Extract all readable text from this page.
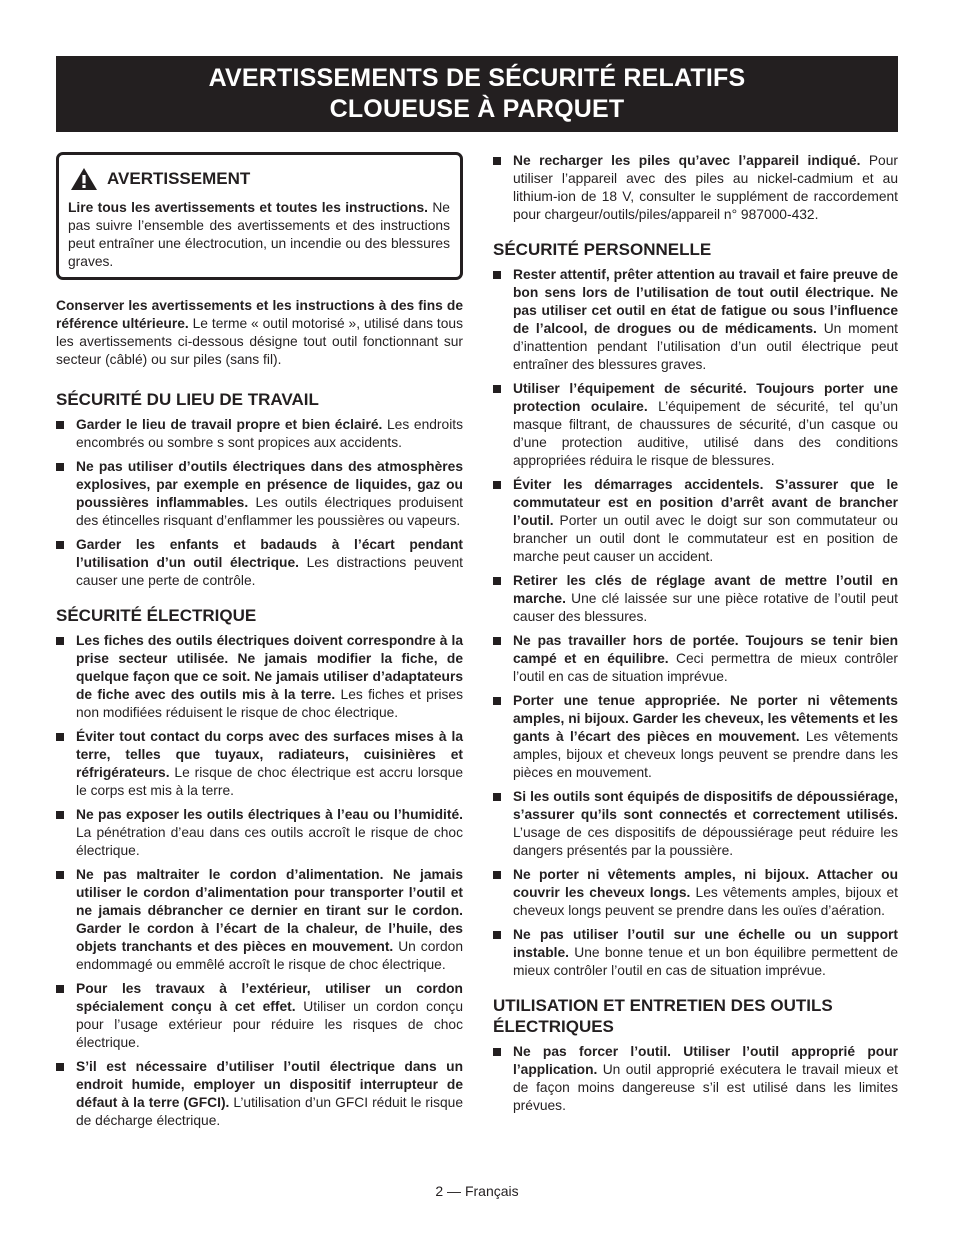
AVERTISSEMENTS DE SÉCURITÉ RELATIFS
CLOUEUSE À PARQUET
AVERTISSEMENT

Lire tous les avertissements et toutes les instructions. Ne pas suivre l’ensemble des avertissements et des instructions peut entraîner une électrocution, un incendie ou des blessures graves.

Conserver les avertissements et les instructions à des fins de référence ultérieure. Le terme « outil motorisé », utilisé dans tous les avertissements ci-dessous désigne tout outil fonctionnant sur secteur (câblé) ou sur piles (sans fil).

SÉCURITÉ DU LIEU DE TRAVAIL
Garder le lieu de travail propre et bien éclairé. Les endroits encombrés ou sombre s sont propices aux accidents.
Ne pas utiliser d’outils électriques dans des atmosphères explosives, par exemple en présence de liquides, gaz ou poussières inflammables. Les outils électriques produisent des étincelles risquant d’enflammer les poussières ou vapeurs.
Garder les enfants et badauds à l’écart pendant l’utilisation d’un outil électrique. Les distractions peuvent causer une perte de contrôle.
SÉCURITÉ ÉLECTRIQUE
Les fiches des outils électriques doivent correspondre à la prise secteur utilisée. Ne jamais modifier la fiche, de quelque façon que ce soit. Ne jamais utiliser d’adaptateurs de fiche avec des outils mis à la terre. Les fiches et prises non modifiées réduisent le risque de choc électrique.
Éviter tout contact du corps avec des surfaces mises à la terre, telles que tuyaux, radiateurs, cuisinières et réfrigérateurs. Le risque de choc électrique est accru lorsque le corps est mis à la terre.
Ne pas exposer les outils électriques à l’eau ou l’humidité. La pénétration d’eau dans ces outils accroît le risque de choc électrique.
Ne pas maltraiter le cordon d’alimentation. Ne jamais utiliser le cordon d’alimentation pour transporter l’outil et ne jamais débrancher ce dernier en tirant sur le cordon. Garder le cordon à l’écart de la chaleur, de l’huile, des objets tranchants et des pièces en mouvement. Un cordon endommagé ou emmêlé accroît le risque de choc électrique.
Pour les travaux à l’extérieur, utiliser un cordon spécialement conçu à cet effet. Utiliser un cordon conçu pour l’usage extérieur pour réduire les risques de choc électrique.
S’il est nécessaire d’utiliser l’outil électrique dans un endroit humide, employer un dispositif interrupteur de défaut à la terre (GFCI). L’utilisation d’un GFCI réduit le risque de décharge électrique.
Ne recharger les piles qu’avec l’appareil indiqué. Pour utiliser l’appareil avec des piles au nickel-cadmium et au lithium-ion de 18 V, consulter le supplément de raccordement pour chargeur/outils/piles/appareil n° 987000-432.
SÉCURITÉ PERSONNELLE
Rester attentif, prêter attention au travail et faire preuve de bon sens lors de l’utilisation de tout outil électrique. Ne pas utiliser cet outil en état de fatigue ou sous l’influence de l’alcool, de drogues ou de médicaments. Un moment d’inattention pendant l’utilisation d’un outil électrique peut entraîner des blessures graves.
Utiliser l’équipement de sécurité. Toujours porter une protection oculaire. L’équipement de sécurité, tel qu’un masque filtrant, de chaussures de sécurité, d’un casque ou d’une protection auditive, utilisé dans des conditions appropriées réduira le risque de blessures.
Éviter les démarrages accidentels. S’assurer que le commutateur est en position d’arrêt avant de brancher l’outil. Porter un outil avec le doigt sur son commutateur ou brancher un outil dont le commutateur est en position de marche peut causer un accident.
Retirer les clés de réglage avant de mettre l’outil en marche. Une clé laissée sur une pièce rotative de l’outil peut causer des blessures.
Ne pas travailler hors de portée. Toujours se tenir bien campé et en équilibre. Ceci permettra de mieux contrôler l’outil en cas de situation imprévue.
Porter une tenue appropriée. Ne porter ni vêtements amples, ni bijoux. Garder les cheveux, les vêtements et les gants à l’écart des pièces en mouvement. Les vêtements amples, bijoux et cheveux longs peuvent se prendre dans les pièces en mouvement.
Si les outils sont équipés de dispositifs de dépoussiérage, s’assurer qu’ils sont connectés et correctement utilisés. L’usage de ces dispositifs de dépoussiérage peut réduire les dangers présentés par la poussière.
Ne porter ni vêtements amples, ni bijoux. Attacher ou couvrir les cheveux longs. Les vêtements amples, bijoux et cheveux longs peuvent se prendre dans les ouïes d’aération.
Ne pas utiliser l’outil sur une échelle ou un support instable. Une bonne tenue et un bon équilibre permettent de mieux contrôler l’outil en cas de situation imprévue.
UTILISATION ET ENTRETIEN DES OUTILS ÉLECTRIQUES
Ne pas forcer l’outil. Utiliser l’outil approprié pour l’application. Un outil approprié exécutera le travail mieux et de façon moins dangereuse s’il est utilisé dans les limites prévues.
2 — Français
